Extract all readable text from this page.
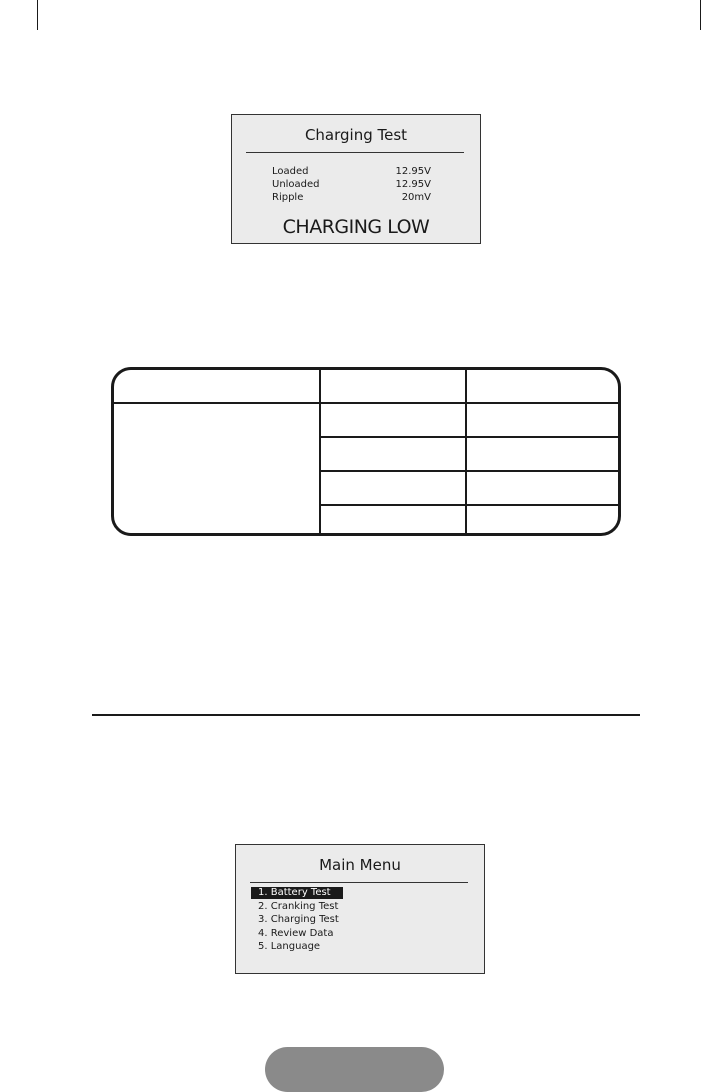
Charging Test
Loaded	12.95V
Unloaded	12.95V
Ripple	20mV
CHARGING LOW
Main Menu
1. Battery Test
2. Cranking Test
3. Charging Test
4. Review Data
5. Language
